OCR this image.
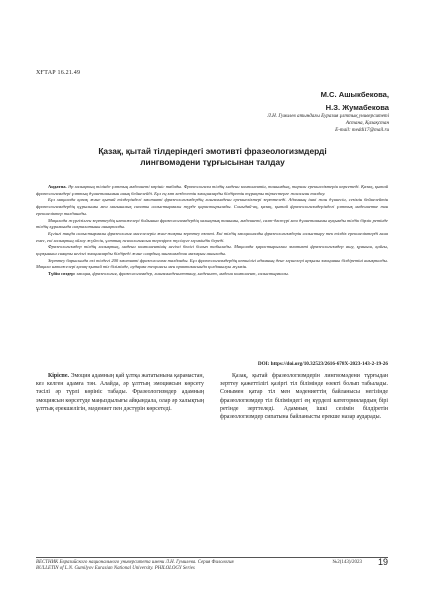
ХҒТАР 16.21.49
М.С. Ашыкбекова,
Н.З. Жумабекова
Л.Н. Гумилев атындағы Еуразия ұлттық университеті
Астана, Қазақстан
E-mail: meddi17@mail.ru
Қазақ, қытай тілдеріндегі эмотивті фразеологизмдерді
лингвомәдени тұрғысынан талдау

Аңдатпа. Әр халықтың тілінде ұлттың мәдениеті көрініс табады. Фразеологизм тілдің мәдени компонентін, танымдық, тарихи ерекшеліктерін көрсетеді. Қазақ, қытай фразеологизмдері ұлттың дүниетанымын анық бейнелейді. Бұл ең көп кездесетін эмоцияларды білдіретін тұрақты тіркестерге жасалған талдау.

Бұл мақалада қазақ және қытай тілдеріндегі эмотивті фразеологизмдердің лингвомәдени ерекшеліктері зерттеледі. Адамның ішкі жан дүниесін, сезімін бейнелейтін фразеологизмдердің құрылымы мен мағыналық сипаты салыстырмалы түрде қарастырылады. Соныдай-ақ, қазақ, қытай фразеологизмдеріндегі ұлттық мәдениетке тән ерекшеліктер талданады.

Мақалада жүргізілген зерттеудің нәтижелері бойынша фразеологизмдердің халықтық танымы, мәдениеті, салт-дәстүрі мен дүниетанымы ауқымды тілдік бірлік ретінде тілдің құрамында сақталатыны анықталды.

Бүгінгі таңда салыстырмалы фразеология мәселелерін жан-жақты зерттеу өзекті. Екі тілдің эмоционалды фразеологизмдерін салыстыру тек тілдік ерекшеліктерді ғана емес, екі халықтың ойлау жүйесін, ұлттық психологиясын тереңірек түсінуге мүмкіндік береді.

Фразеологизмдер тілдің халықтық, мәдени компонентінің негізгі бөлігі болып табылады. Мақалада қарастырылған эмотивті фразеологизмдер ашу, қуаныш, қайғы, қорқыныш сияқты негізгі эмоцияларды білдіреді және олардың лингвомәдени мазмұны ашылады.

Зерттеу барысында екі тілдегі 200 эмотивті фразеологизм талданды. Бұл фразеологизмдердің көпшілігі адамның дене мүшелері арқылы эмоцияны білдіретіні анықталды. Мақала нәтижелері қазақ-қытай тіл білімінде, аударма теориясы мен практикасында қолданылуы мүмкін.

Түйін сөздер: эмоция, фразеология, фразеологизмдер, лингвомәдениеттану, мәдениет, мәдени компонент, салыстырмалы.

DOI: https://doi.org/10.32523/2616-678X-2023-143-2-19-26

Кіріспе. Эмоция адамның қай ұлтқа жататынына қарамастан, кез келген адамға тән. Алайда, әр ұлттың эмоциясын көрсету тәсілі әр түрлі көрініс табады. Фразеологизмдер адамның эмоциясын көрсетуде маңыздылығы айқындала, олар әр халықтың ұлттық ерекшелігін, мәдениет пен дәстүрін көрсетеді.

Қазақ, қытай фразеологизмдерін лингвомәдени тұрғыдан зерттеу қажеттілігі қазіргі тіл білімінде өзекті болып табылады. Сонымен қатар тіл мен мәдениеттің байланысы негізінде фразеологизмдер тіл біліміндегі ең күрделі категориялардың бірі ретінде зерттеледі. Адамның ішкі сезімін білдіретін фразеологизмдер сипатына байланысты ерекше назар аударады.

ВЕСТНИК Евразийского национального университета имени Л.Н. Гумилева. Серия Филология
BULLETIN of L.N. Gumilyov Eurasian National University. PHILOLOGY Series
№2(143)/2023	19
